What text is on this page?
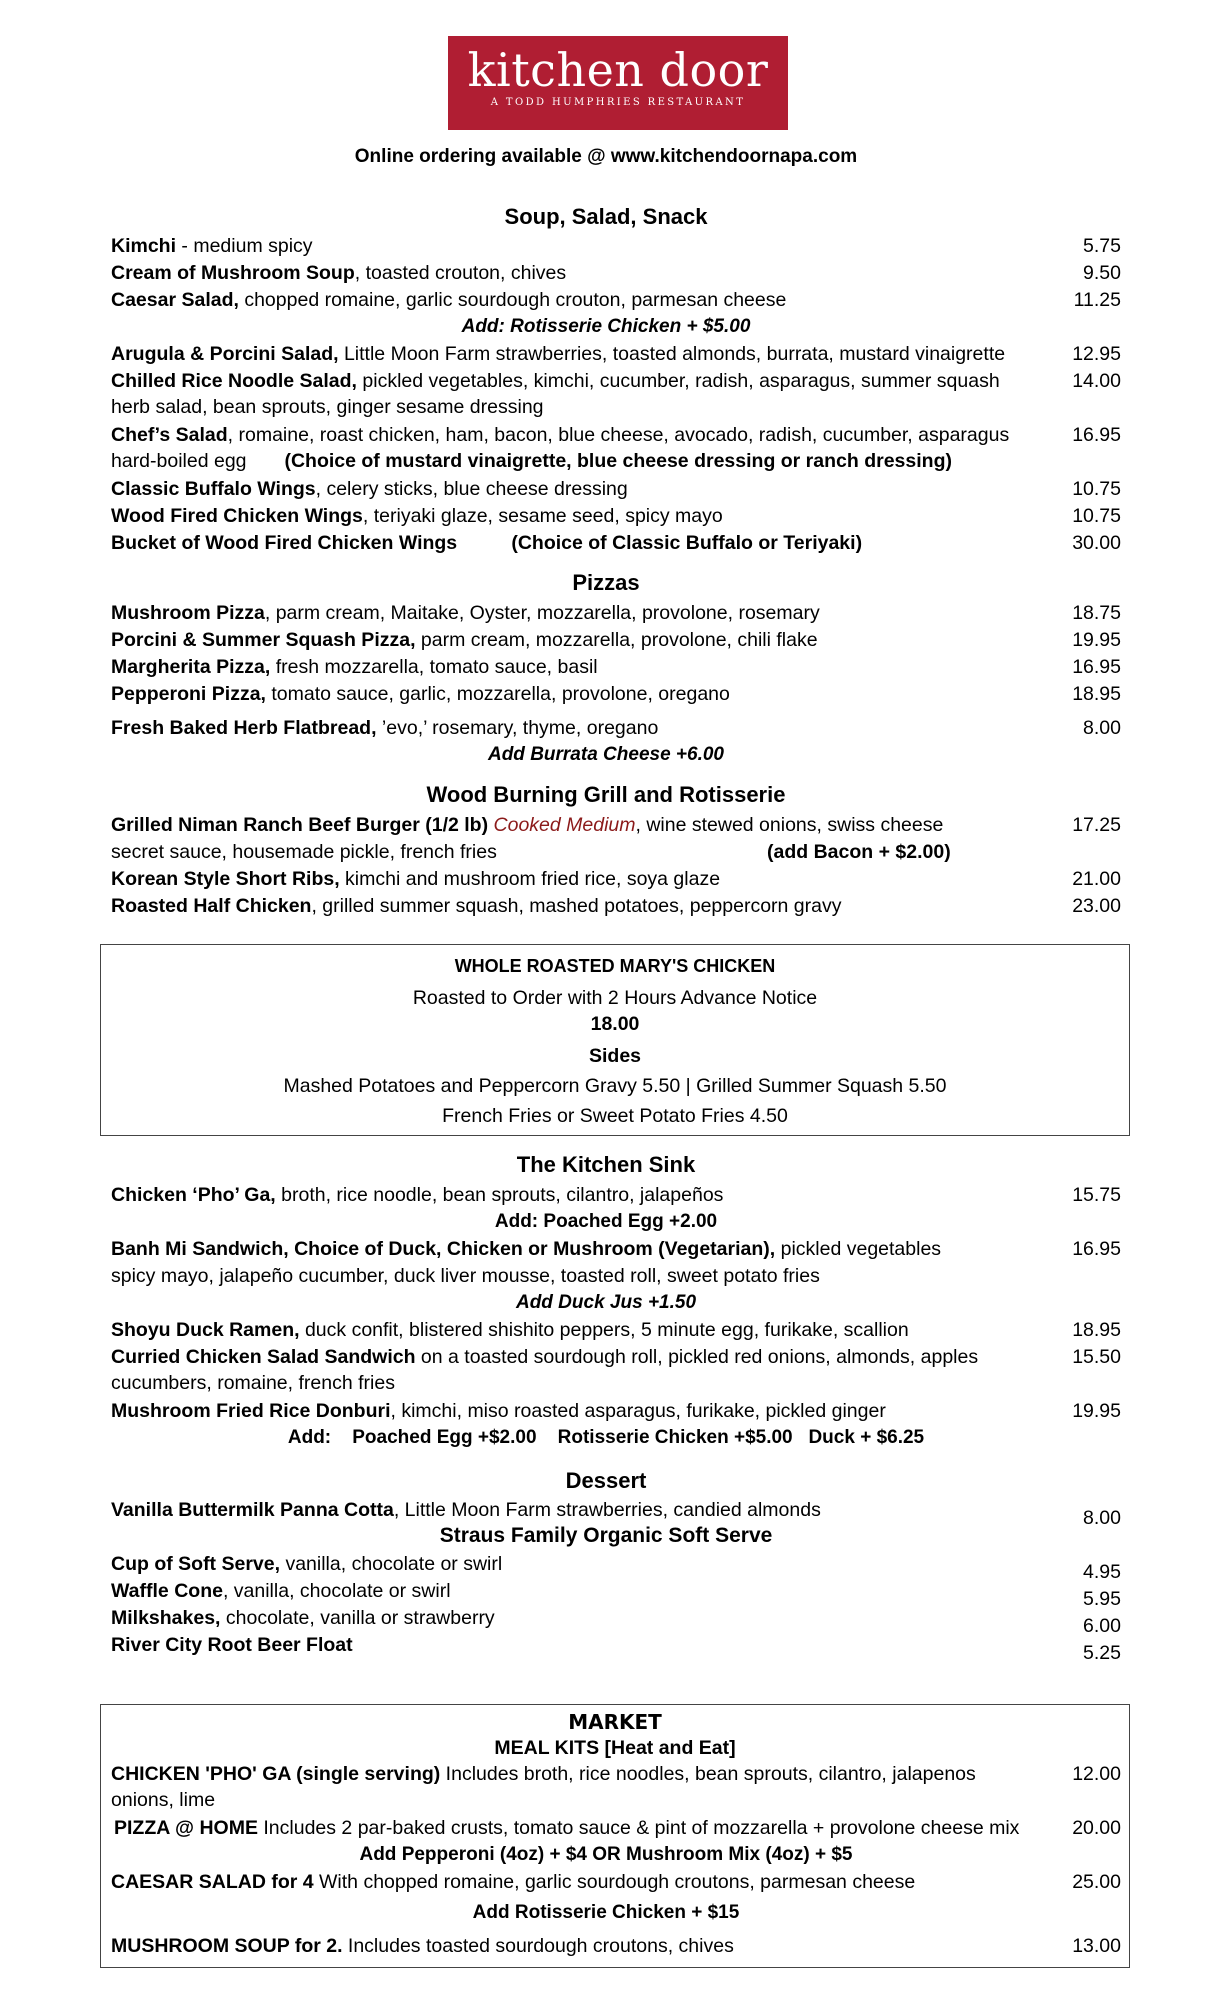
kitchen door
A TODD HUMPHRIES RESTAURANT
Online ordering available @ www.kitchendoornapa.com
Soup, Salad, Snack
Kimchi - medium spicy	5.75
Cream of Mushroom Soup, toasted crouton, chives	9.50
Caesar Salad, chopped romaine, garlic sourdough crouton, parmesan cheese	11.25
Add: Rotisserie Chicken + $5.00
Arugula & Porcini Salad, Little Moon Farm strawberries, toasted almonds, burrata, mustard vinaigrette	12.95
Chilled Rice Noodle Salad, pickled vegetables, kimchi, cucumber, radish, asparagus, summer squash herb salad, bean sprouts, ginger sesame dressing
14.00
Chef’s Salad, romaine, roast chicken, ham, bacon, blue cheese, avocado, radish, cucumber, asparagus hard-boiled egg (Choice of mustard vinaigrette, blue cheese dressing or ranch dressing)
16.95
Classic Buffalo Wings, celery sticks, blue cheese dressing	10.75
Wood Fired Chicken Wings, teriyaki glaze, sesame seed, spicy mayo	10.75
Bucket of Wood Fired Chicken Wings	(Choice of Classic Buffalo or Teriyaki)	30.00
Pizzas
Mushroom Pizza, parm cream, Maitake, Oyster, mozzarella, provolone, rosemary	18.75
Porcini & Summer Squash Pizza, parm cream, mozzarella, provolone, chili flake	19.95
Margherita Pizza, fresh mozzarella, tomato sauce, basil	16.95
Pepperoni Pizza, tomato sauce, garlic, mozzarella, provolone, oregano	18.95
Fresh Baked Herb Flatbread, ’evo,’ rosemary, thyme, oregano	8.00
Add Burrata Cheese +6.00
Wood Burning Grill and Rotisserie
Grilled Niman Ranch Beef Burger (1/2 lb) Cooked Medium, wine stewed onions, swiss cheese	17.25
secret sauce, housemade pickle, french fries	(add Bacon + $2.00)
Korean Style Short Ribs, kimchi and mushroom fried rice, soya glaze	21.00
Roasted Half Chicken, grilled summer squash, mashed potatoes, peppercorn gravy	23.00
WHOLE ROASTED MARY'S CHICKEN
Roasted to Order with 2 Hours Advance Notice
18.00
Sides
Mashed Potatoes and Peppercorn Gravy 5.50 | Grilled Summer Squash 5.50
French Fries or Sweet Potato Fries 4.50
The Kitchen Sink
Chicken ‘Pho’ Ga, broth, rice noodle, bean sprouts, cilantro, jalapeños	15.75
Add: Poached Egg +2.00
Banh Mi Sandwich, Choice of Duck, Chicken or Mushroom (Vegetarian), pickled vegetables	16.95
spicy mayo, jalapeño cucumber, duck liver mousse, toasted roll, sweet potato fries
Add Duck Jus +1.50
Shoyu Duck Ramen, duck confit, blistered shishito peppers, 5 minute egg, furikake, scallion	18.95
Curried Chicken Salad Sandwich on a toasted sourdough roll, pickled red onions, almonds, apples cucumbers, romaine, french fries
15.50
Mushroom Fried Rice Donburi, kimchi, miso roasted asparagus, furikake, pickled ginger	19.95
Add:    Poached Egg +$2.00    Rotisserie Chicken +$5.00   Duck + $6.25
Dessert
Vanilla Buttermilk Panna Cotta, Little Moon Farm strawberries, candied almonds	8.00
Straus Family Organic Soft Serve
Cup of Soft Serve, vanilla, chocolate or swirl	4.95
Waffle Cone, vanilla, chocolate or swirl	5.95
Milkshakes, chocolate, vanilla or strawberry	6.00
River City Root Beer Float	5.25
MARKET
MEAL KITS [Heat and Eat]
CHICKEN 'PHO' GA (single serving) Includes broth, rice noodles, bean sprouts, cilantro, jalapenos onions, lime
12.00
PIZZA @ HOME Includes 2 par-baked crusts, tomato sauce & pint of mozzarella + provolone cheese mix	20.00
Add Pepperoni (4oz) + $4 OR Mushroom Mix (4oz) + $5
CAESAR SALAD for 4 With chopped romaine, garlic sourdough croutons, parmesan cheese	25.00
Add Rotisserie Chicken + $15
MUSHROOM SOUP for 2. Includes toasted sourdough croutons, chives	13.00
